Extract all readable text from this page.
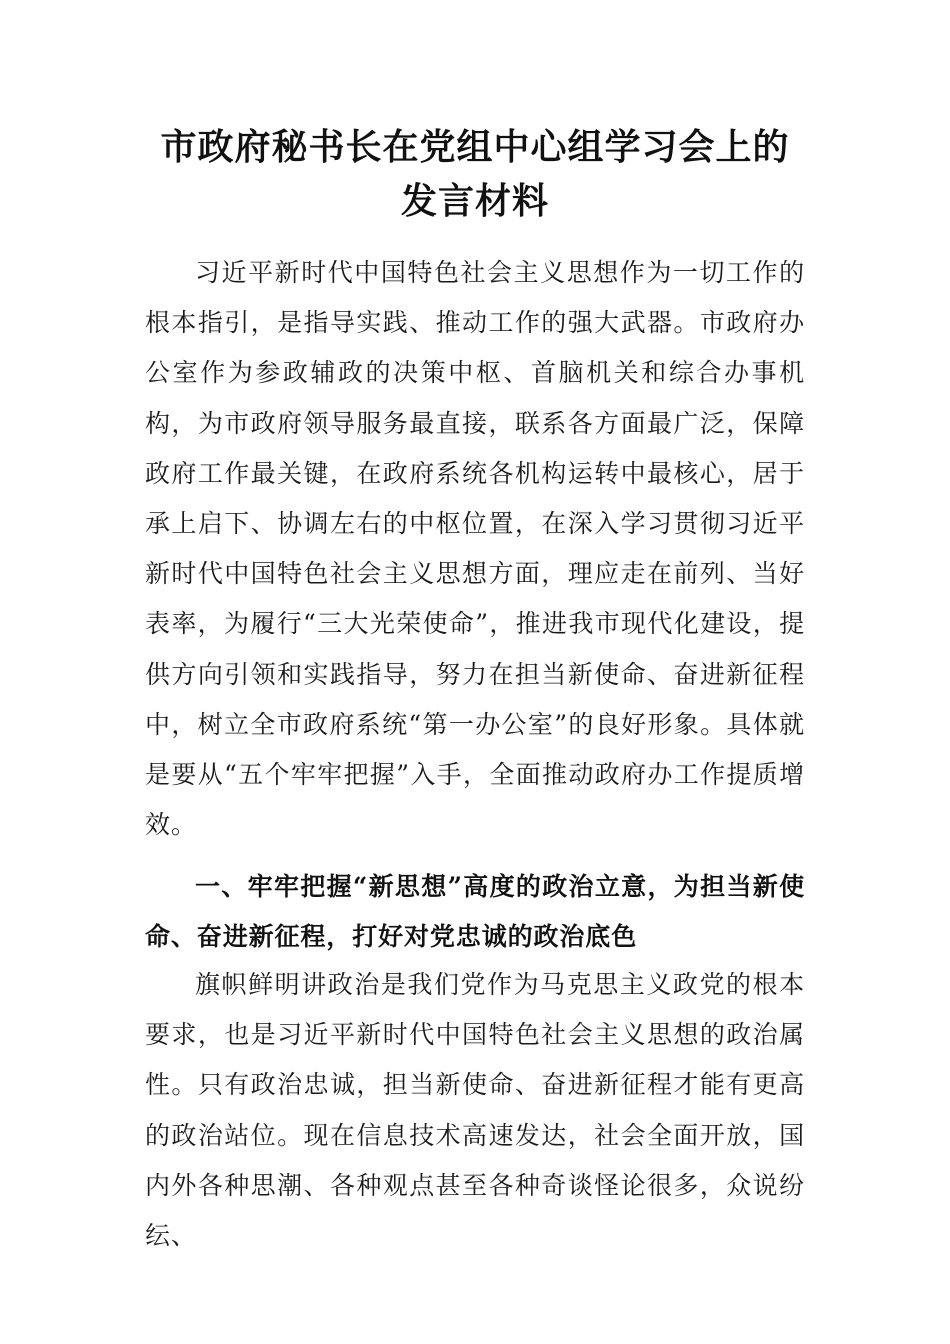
市政府秘书长在党组中心组学习会上的发言材料

习近平新时代中国特色社会主义思想作为一切工作的根本指引，是指导实践、推动工作的强大武器。市政府办公室作为参政辅政的决策中枢、首脑机关和综合办事机构，为市政府领导服务最直接，联系各方面最广泛，保障政府工作最关键，在政府系统各机构运转中最核心，居于承上启下、协调左右的中枢位置，在深入学习贯彻习近平新时代中国特色社会主义思想方面，理应走在前列、当好表率，为履行“三大光荣使命”，推进我市现代化建设，提供方向引领和实践指导，努力在担当新使命、奋进新征程中，树立全市政府系统“第一办公室”的良好形象。具体就是要从“五个牢牢把握”入手，全面推动政府办工作提质增效。

一、牢牢把握“新思想”高度的政治立意，为担当新使命、奋进新征程，打好对党忠诚的政治底色

旗帜鲜明讲政治是我们党作为马克思主义政党的根本要求，也是习近平新时代中国特色社会主义思想的政治属性。只有政治忠诚，担当新使命、奋进新征程才能有更高的政治站位。现在信息技术高速发达，社会全面开放，国内外各种思潮、各种观点甚至各种奇谈怪论很多，众说纷纭、
